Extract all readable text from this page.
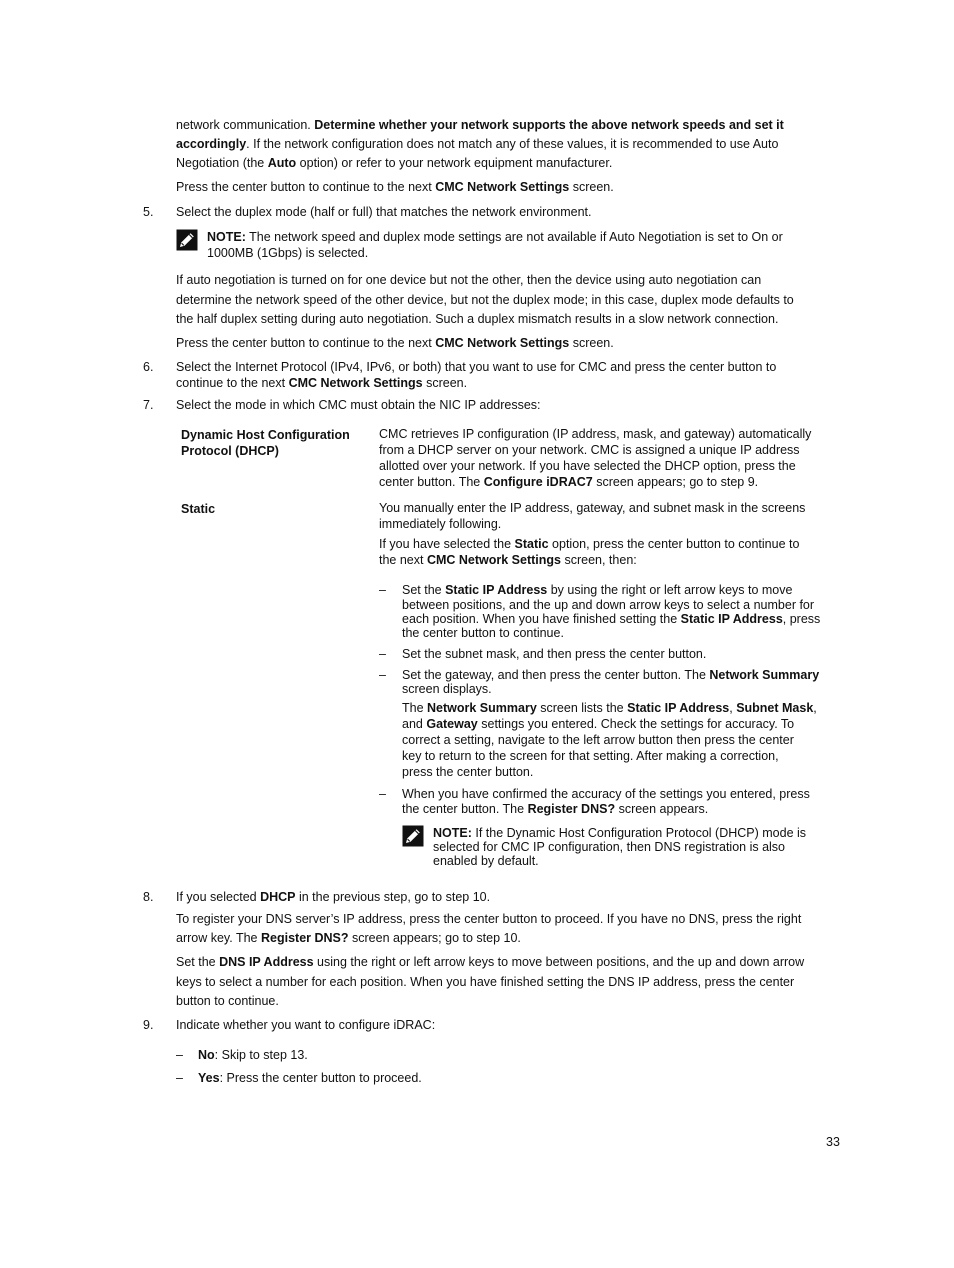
network communication. Determine whether your network supports the above network speeds and set it
accordingly. If the network configuration does not match any of these values, it is recommended to use Auto
Negotiation (the Auto option) or refer to your network equipment manufacturer.
Press the center button to continue to the next CMC Network Settings screen.
5. Select the duplex mode (half or full) that matches the network environment.
NOTE: The network speed and duplex mode settings are not available if Auto Negotiation is set to On or
1000MB (1Gbps) is selected.
If auto negotiation is turned on for one device but not the other, then the device using auto negotiation can
determine the network speed of the other device, but not the duplex mode; in this case, duplex mode defaults to
the half duplex setting during auto negotiation. Such a duplex mismatch results in a slow network connection.
Press the center button to continue to the next CMC Network Settings screen.
6. Select the Internet Protocol (IPv4, IPv6, or both) that you want to use for CMC and press the center button to
continue to the next CMC Network Settings screen.
7. Select the mode in which CMC must obtain the NIC IP addresses:
Dynamic Host Configuration
Protocol (DHCP)
CMC retrieves IP configuration (IP address, mask, and gateway) automatically
from a DHCP server on your network. CMC is assigned a unique IP address
allotted over your network. If you have selected the DHCP option, press the
center button. The Configure iDRAC7 screen appears; go to step 9.
Static	You manually enter the IP address, gateway, and subnet mask in the screens
immediately following.
If you have selected the Static option, press the center button to continue to
the next CMC Network Settings screen, then:
– Set the Static IP Address by using the right or left arrow keys to move
between positions, and the up and down arrow keys to select a number for
each position. When you have finished setting the Static IP Address, press
the center button to continue.
– Set the subnet mask, and then press the center button.
– Set the gateway, and then press the center button. The Network Summary
screen displays.
The Network Summary screen lists the Static IP Address, Subnet Mask,
and Gateway settings you entered. Check the settings for accuracy. To
correct a setting, navigate to the left arrow button then press the center
key to return to the screen for that setting. After making a correction,
press the center button.
– When you have confirmed the accuracy of the settings you entered, press
the center button. The Register DNS? screen appears.
NOTE: If the Dynamic Host Configuration Protocol (DHCP) mode is
selected for CMC IP configuration, then DNS registration is also
enabled by default.
8. If you selected DHCP in the previous step, go to step 10.
To register your DNS server’s IP address, press the center button to proceed. If you have no DNS, press the right
arrow key. The Register DNS? screen appears; go to step 10.
Set the DNS IP Address using the right or left arrow keys to move between positions, and the up and down arrow
keys to select a number for each position. When you have finished setting the DNS IP address, press the center
button to continue.
9. Indicate whether you want to configure iDRAC:
– No: Skip to step 13.
– Yes: Press the center button to proceed.
33
